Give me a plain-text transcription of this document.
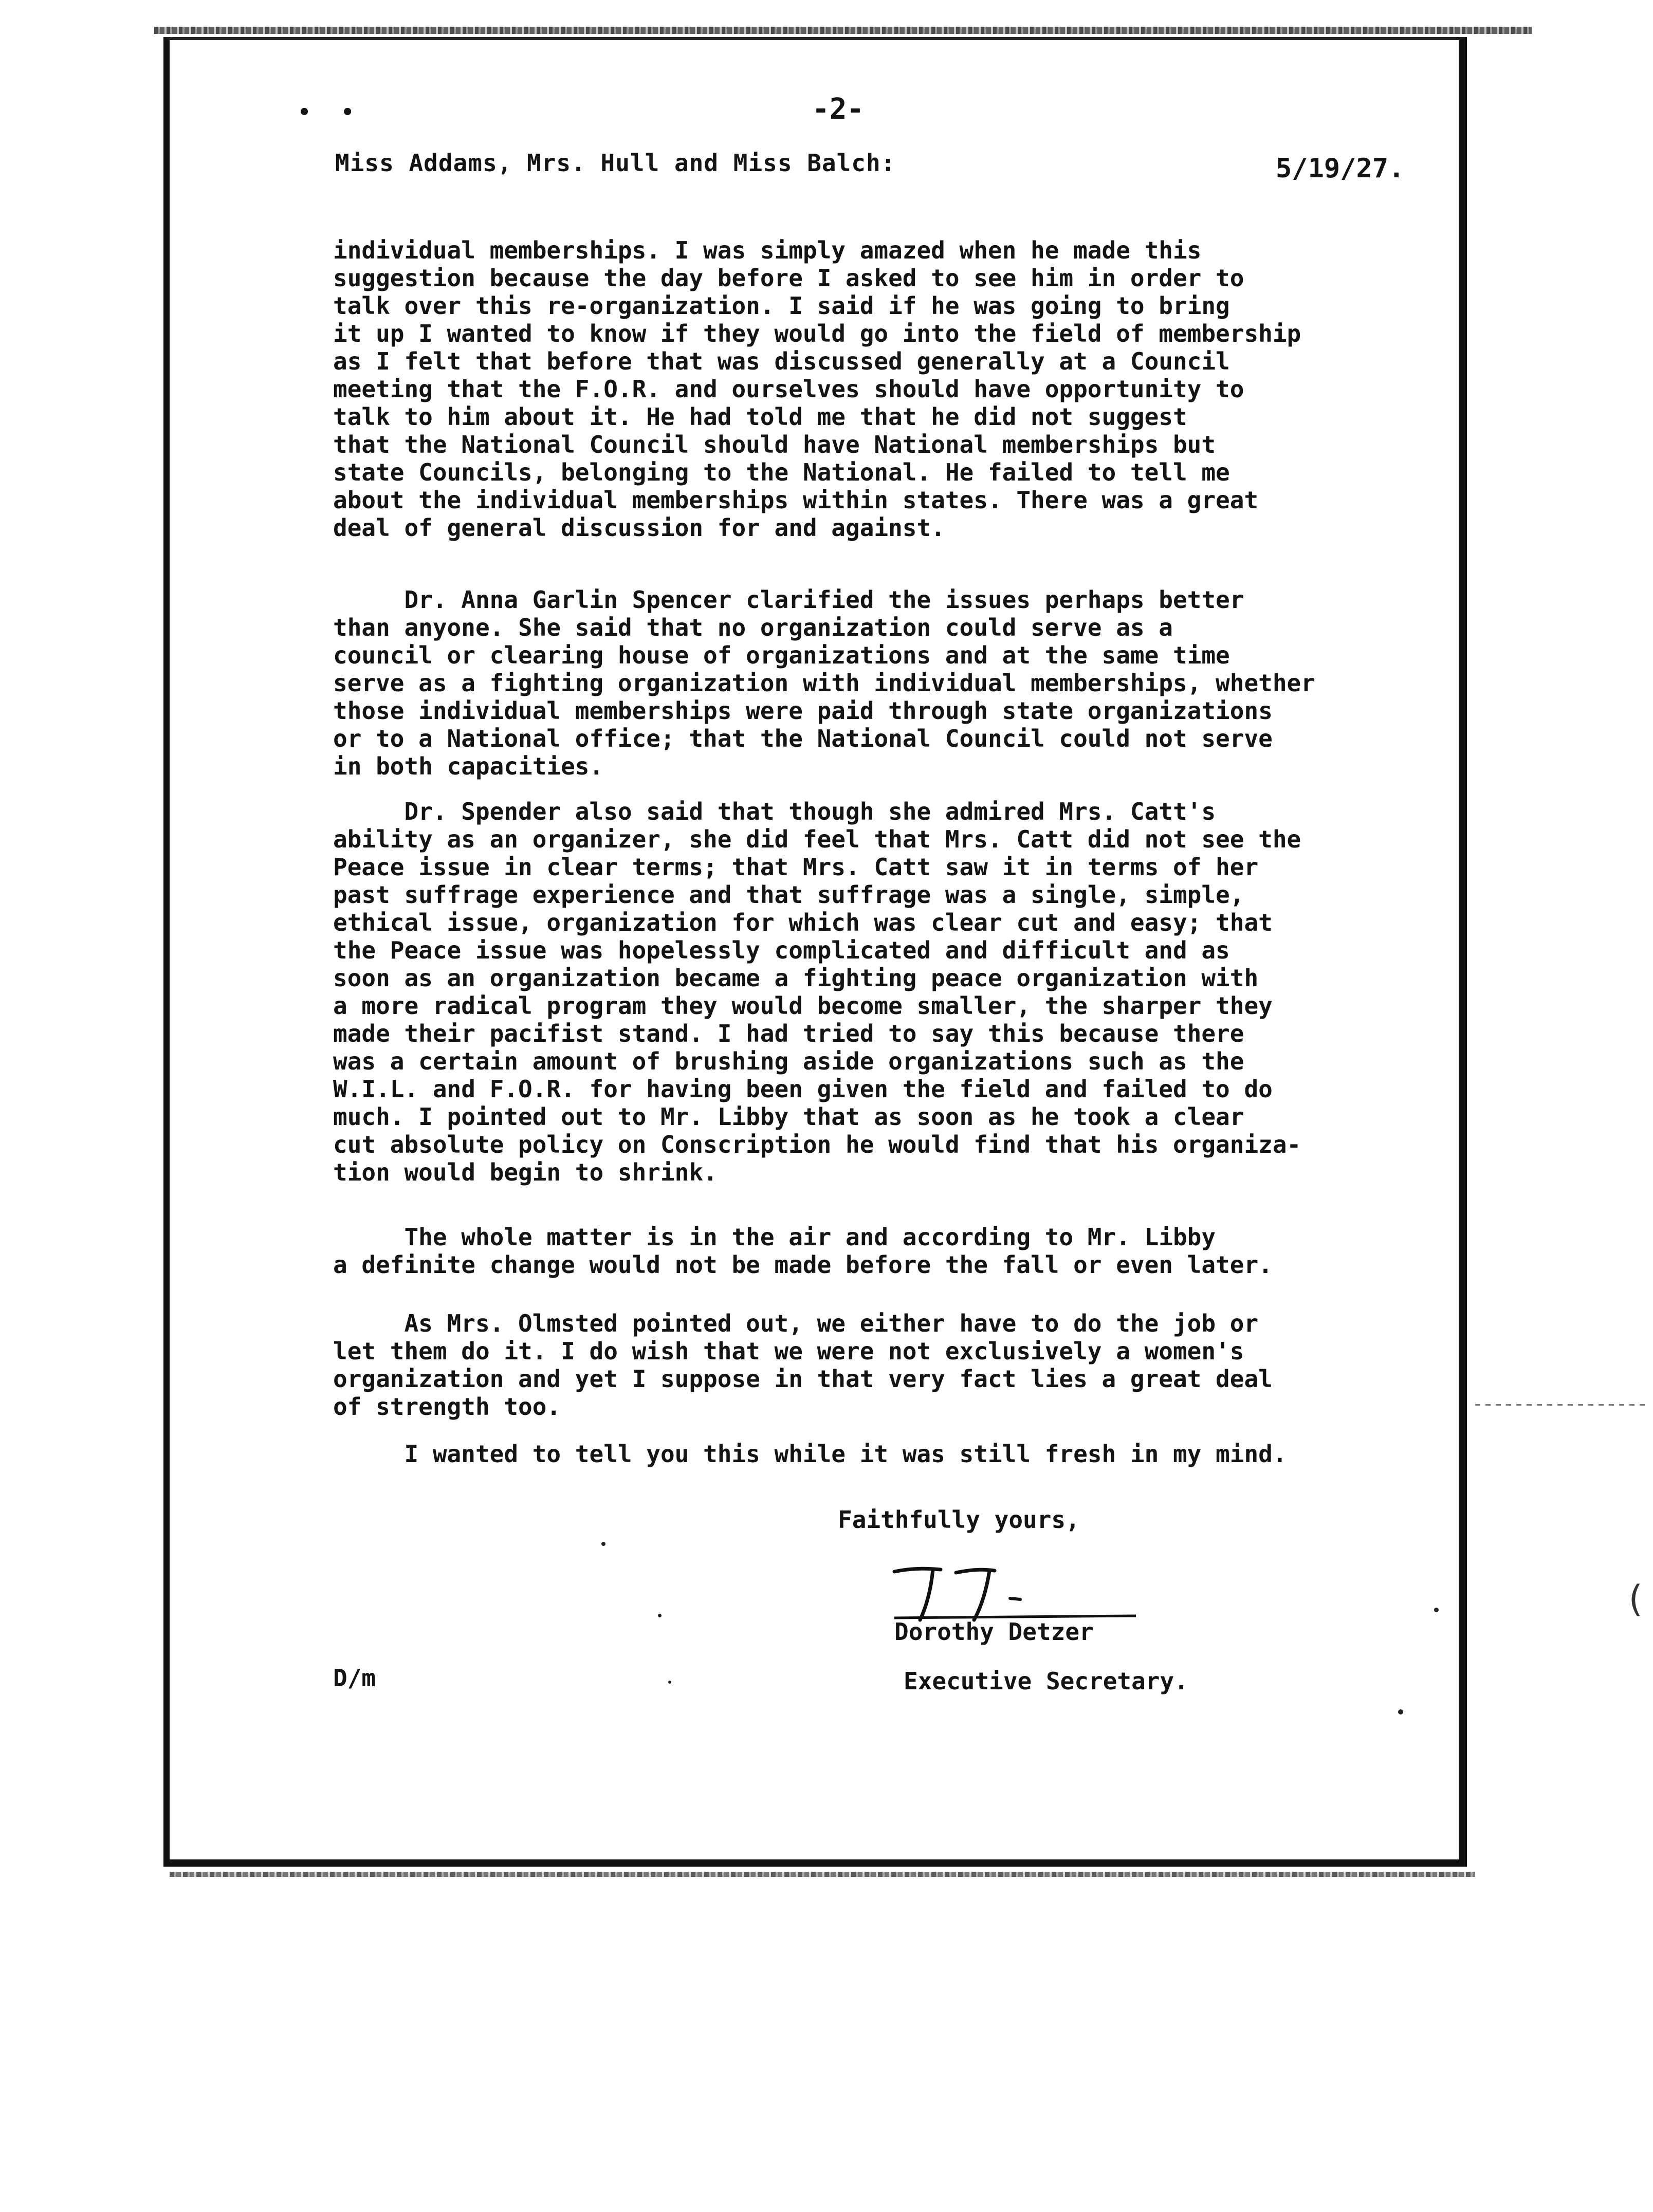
• •	-2-
Miss Addams, Mrs. Hull and Miss Balch:	5/19/27.
individual memberships. I was simply amazed when he made this
suggestion because the day before I asked to see him in order to
talk over this re-organization. I said if he was going to bring
it up I wanted to know if they would go into the field of membership
as I felt that before that was discussed generally at a Council
meeting that the F.O.R. and ourselves should have opportunity to
talk to him about it. He had told me that he did not suggest
that the National Council should have National memberships but
state Councils, belonging to the National. He failed to tell me
about the individual memberships within states. There was a great
deal of general discussion for and against.
Dr. Anna Garlin Spencer clarified the issues perhaps better
than anyone. She said that no organization could serve as a
council or clearing house of organizations and at the same time
serve as a fighting organization with individual memberships, whether
those individual memberships were paid through state organizations
or to a National office; that the National Council could not serve
in both capacities.
Dr. Spender also said that though she admired Mrs. Catt's
ability as an organizer, she did feel that Mrs. Catt did not see the
Peace issue in clear terms; that Mrs. Catt saw it in terms of her
past suffrage experience and that suffrage was a single, simple,
ethical issue, organization for which was clear cut and easy; that
the Peace issue was hopelessly complicated and difficult and as
soon as an organization became a fighting peace organization with
a more radical program they would become smaller, the sharper they
made their pacifist stand. I had tried to say this because there
was a certain amount of brushing aside organizations such as the
W.I.L. and F.O.R. for having been given the field and failed to do
much. I pointed out to Mr. Libby that as soon as he took a clear
cut absolute policy on Conscription he would find that his organiza-
tion would begin to shrink.
The whole matter is in the air and according to Mr. Libby
a definite change would not be made before the fall or even later.
As Mrs. Olmsted pointed out, we either have to do the job or
let them do it. I do wish that we were not exclusively a women's
organization and yet I suppose in that very fact lies a great deal
of strength too.
I wanted to tell you this while it was still fresh in my mind.
Faithfully yours,
Dorothy Detzer
Executive Secretary.
D/m
(
